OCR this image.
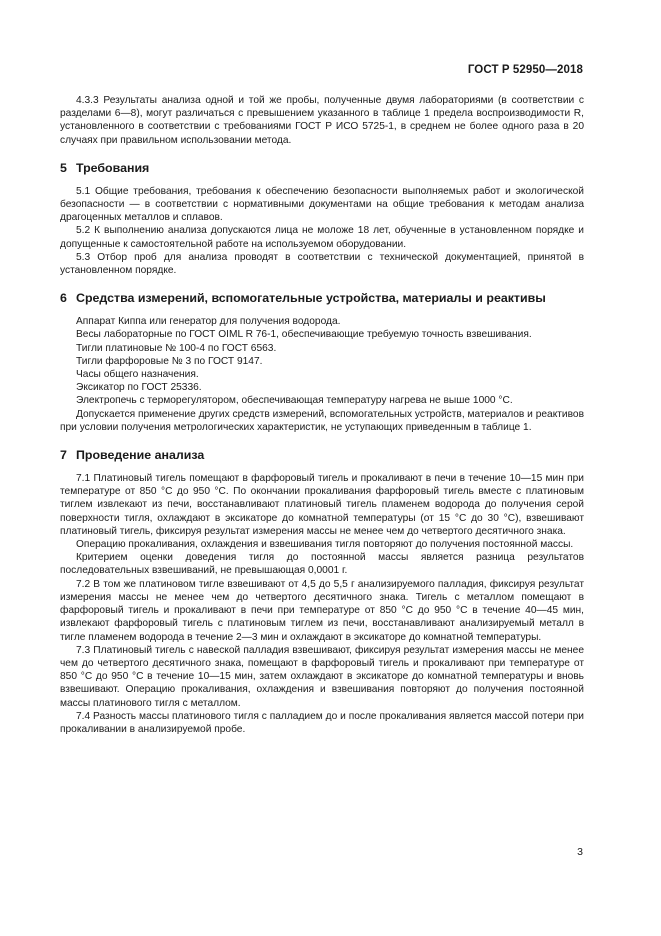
ГОСТ Р 52950—2018

4.3.3 Результаты анализа одной и той же пробы, полученные двумя лабораториями (в соответствии с разделами 6—8), могут различаться с превышением указанного в таблице 1 предела воспроизводимости R, установленного в соответствии с требованиями ГОСТ Р ИСО 5725-1, в среднем не более одного раза в 20 случаях при правильном использовании метода.

5 Требования

5.1 Общие требования, требования к обеспечению безопасности выполняемых работ и экологической безопасности — в соответствии с нормативными документами на общие требования к методам анализа драгоценных металлов и сплавов.

5.2 К выполнению анализа допускаются лица не моложе 18 лет, обученные в установленном порядке и допущенные к самостоятельной работе на используемом оборудовании.

5.3 Отбор проб для анализа проводят в соответствии с технической документацией, принятой в установленном порядке.

6 Средства измерений, вспомогательные устройства, материалы и реактивы

Аппарат Киппа или генератор для получения водорода.

Весы лабораторные по ГОСТ OIML R 76-1, обеспечивающие требуемую точность взвешивания.

Тигли платиновые № 100-4 по ГОСТ 6563.

Тигли фарфоровые № 3 по ГОСТ 9147.

Часы общего назначения.

Эксикатор по ГОСТ 25336.

Электропечь с терморегулятором, обеспечивающая температуру нагрева не выше 1000 °С.

Допускается применение других средств измерений, вспомогательных устройств, материалов и реактивов при условии получения метрологических характеристик, не уступающих приведенным в таблице 1.

7 Проведение анализа

7.1 Платиновый тигель помещают в фарфоровый тигель и прокаливают в печи в течение 10—15 мин при температуре от 850 °С до 950 °С. По окончании прокаливания фарфоровый тигель вместе с платиновым тиглем извлекают из печи, восстанавливают платиновый тигель пламенем водорода до получения серой поверхности тигля, охлаждают в эксикаторе до комнатной температуры (от 15 °С до 30 °С), взвешивают платиновый тигель, фиксируя результат измерения массы не менее чем до четвертого десятичного знака.

Операцию прокаливания, охлаждения и взвешивания тигля повторяют до получения постоянной массы.

Критерием оценки доведения тигля до постоянной массы является разница результатов последовательных взвешиваний, не превышающая 0,0001 г.

7.2 В том же платиновом тигле взвешивают от 4,5 до 5,5 г анализируемого палладия, фиксируя результат измерения массы не менее чем до четвертого десятичного знака. Тигель с металлом помещают в фарфоровый тигель и прокаливают в печи при температуре от 850 °С до 950 °С в течение 40—45 мин, извлекают фарфоровый тигель с платиновым тиглем из печи, восстанавливают анализируемый металл в тигле пламенем водорода в течение 2—3 мин и охлаждают в эксикаторе до комнатной температуры.

7.3 Платиновый тигель с навеской палладия взвешивают, фиксируя результат измерения массы не менее чем до четвертого десятичного знака, помещают в фарфоровый тигель и прокаливают при температуре от 850 °С до 950 °С в течение 10—15 мин, затем охлаждают в эксикаторе до комнатной температуры и вновь взвешивают. Операцию прокаливания, охлаждения и взвешивания повторяют до получения постоянной массы платинового тигля с металлом.

7.4 Разность массы платинового тигля с палладием до и после прокаливания является массой потери при прокаливании в анализируемой пробе.

3
